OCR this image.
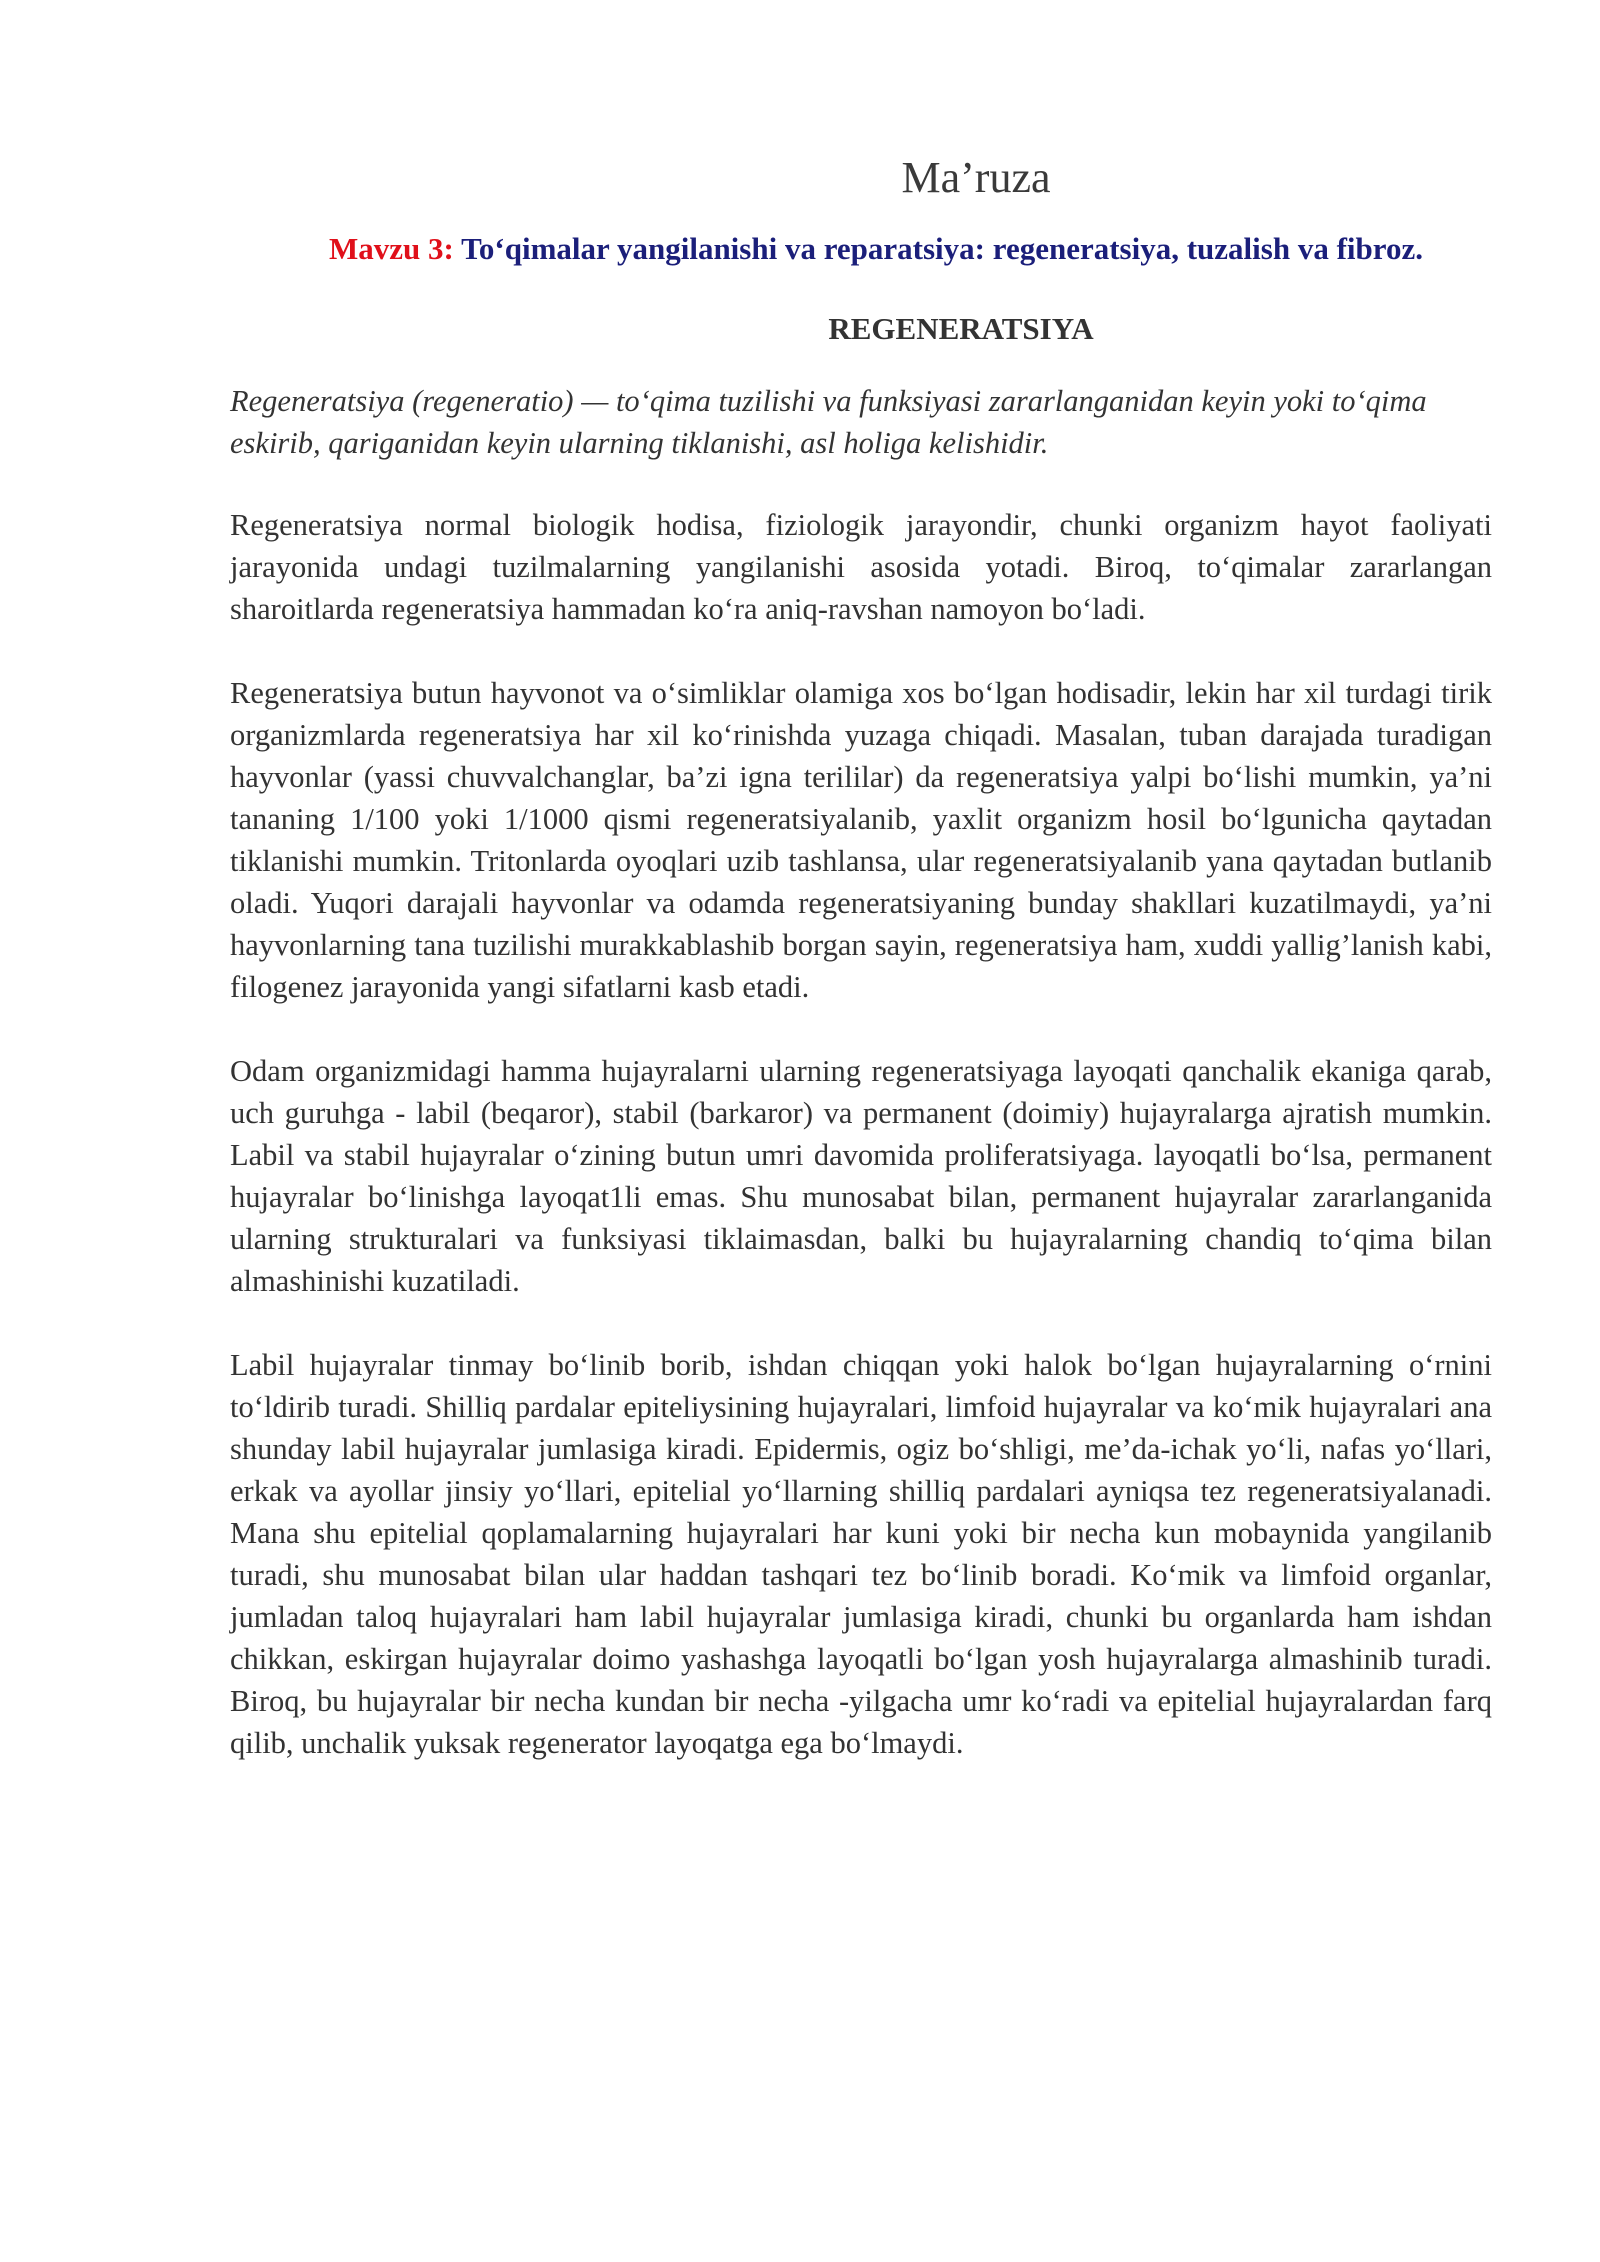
Ma’ruza
Mavzu 3: To‘qimalar yangilanishi va reparatsiya: regeneratsiya, tuzalish va fibroz.
REGENERATSIYA

Regeneratsiya (regeneratio) — to‘qima tuzilishi va funksiyasi zararlanganidan keyin yoki to‘qima eskirib, qariganidan keyin ularning tiklanishi, asl holiga kelishidir.

Regeneratsiya normal biologik hodisa, fiziologik jarayondir, chunki organizm hayot faoliyati jarayonida undagi tuzilmalarning yangilanishi asosida yotadi. Biroq, to‘qimalar zararlangan sharoitlarda regeneratsiya hammadan ko‘ra aniq-ravshan namoyon bo‘ladi.

Regeneratsiya butun hayvonot va o‘simliklar olamiga xos bo‘lgan hodisadir, lekin har xil turdagi tirik organizmlarda regeneratsiya har xil ko‘rinishda yuzaga chiqadi. Masalan, tuban darajada turadigan hayvonlar (yassi chuvvalchanglar, ba’zi igna terililar) da regeneratsiya yalpi bo‘lishi mumkin, ya’ni tananing 1/100 yoki 1/1000 qismi regeneratsiyalanib, yaxlit organizm hosil bo‘lgunicha qaytadan tiklanishi mumkin. Tritonlarda oyoqlari uzib tashlansa, ular regeneratsiyalanib yana qaytadan butlanib oladi. Yuqori darajali hayvonlar va odamda regeneratsiyaning bunday shakllari kuzatilmaydi, ya’ni hayvonlarning tana tuzilishi murakkablashib borgan sayin, regeneratsiya ham, xuddi yallig’lanish kabi, filogenez jarayonida yangi sifatlarni kasb etadi.

Odam organizmidagi hamma hujayralarni ularning regeneratsiyaga layoqati qanchalik ekaniga qarab, uch guruhga - labil (beqaror), stabil (barkaror) va permanent (doimiy) hujayralarga ajratish mumkin. Labil va stabil hujayralar o‘zining butun umri davomida proliferatsiyaga. layoqatli bo‘lsa, permanent hujayralar bo‘linishga layoqat1li emas. Shu munosabat bilan, permanent hujayralar zararlanganida ularning strukturalari va funksiyasi tiklaimasdan, balki bu hujayralarning chandiq to‘qima bilan almashinishi kuzatiladi.

Labil hujayralar tinmay bo‘linib borib, ishdan chiqqan yoki halok bo‘lgan hujayralarning o‘rnini to‘ldirib turadi. Shilliq pardalar epiteliysining hujayralari, limfoid hujayralar va ko‘mik hujayralari ana shunday labil hujayralar jumlasiga kiradi. Epidermis, ogiz bo‘shligi, me’da-ichak yo‘li, nafas yo‘llari, erkak va ayollar jinsiy yo‘llari, epitelial yo‘llarning shilliq pardalari ayniqsa tez regeneratsiyalanadi. Mana shu epitelial qoplamalarning hujayralari har kuni yoki bir necha kun mobaynida yangilanib turadi, shu munosabat bilan ular haddan tashqari tez bo‘linib boradi. Ko‘mik va limfoid organlar, jumladan taloq hujayralari ham labil hujayralar jumlasiga kiradi, chunki bu organlarda ham ishdan chikkan, eskirgan hujayralar doimo yashashga layoqatli bo‘lgan yosh hujayralarga almashinib turadi. Biroq, bu hujayralar bir necha kundan bir necha -yilgacha umr ko‘radi va epitelial hujayralardan farq qilib, unchalik yuksak regenerator layoqatga ega bo‘lmaydi.
